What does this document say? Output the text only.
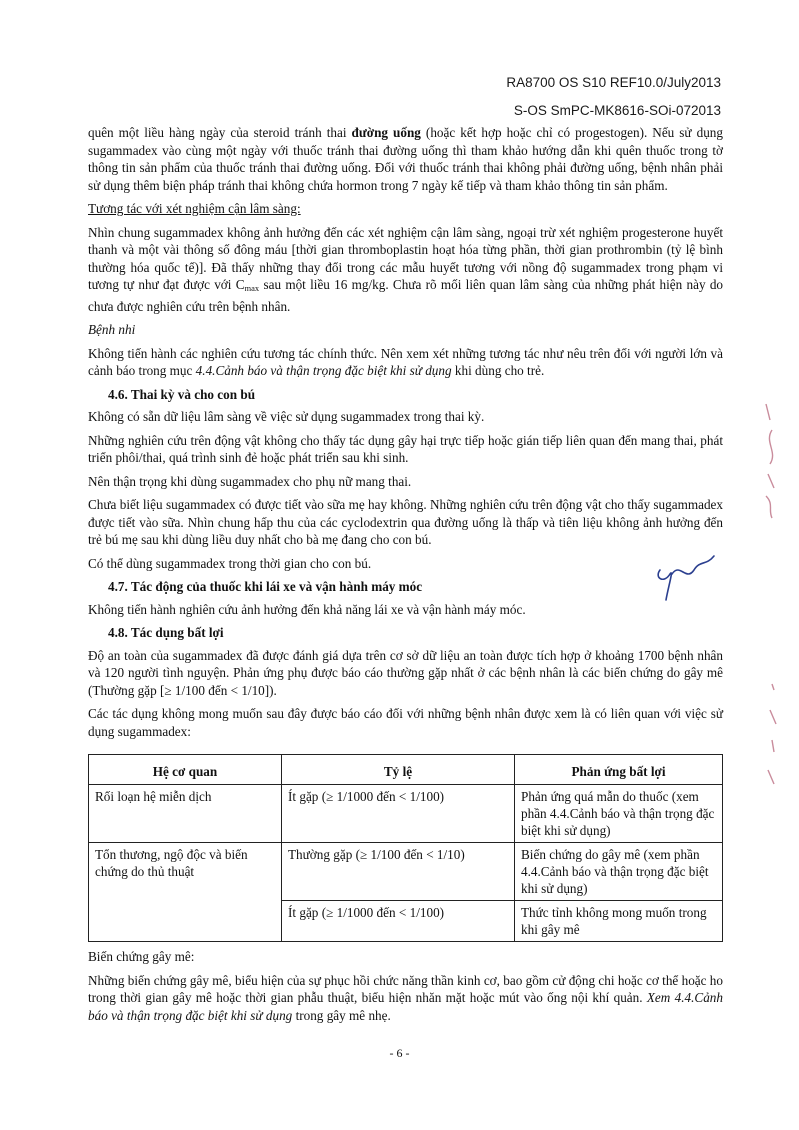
RA8700 OS S10 REF10.0/July2013
S-OS SmPC-MK8616-SOi-072013

quên một liều hàng ngày của steroid tránh thai đường uống (hoặc kết hợp hoặc chỉ có progestogen). Nếu sử dụng sugammadex vào cùng một ngày với thuốc tránh thai đường uống thì tham khảo hướng dẫn khi quên thuốc trong tờ thông tin sản phẩm của thuốc tránh thai đường uống. Đối với thuốc tránh thai không phải đường uống, bệnh nhân phải sử dụng thêm biện pháp tránh thai không chứa hormon trong 7 ngày kế tiếp và tham khảo thông tin sản phẩm.

Tương tác với xét nghiệm cận lâm sàng:

Nhìn chung sugammadex không ảnh hưởng đến các xét nghiệm cận lâm sàng, ngoại trừ xét nghiệm progesterone huyết thanh và một vài thông số đông máu [thời gian thromboplastin hoạt hóa từng phần, thời gian prothrombin (tỷ lệ bình thường hóa quốc tế)]. Đã thấy những thay đổi trong các mẫu huyết tương với nồng độ sugammadex trong phạm vi tương tự như đạt được với $C_{max}$ sau một liều 16 mg/kg. Chưa rõ mối liên quan lâm sàng của những phát hiện này do chưa được nghiên cứu trên bệnh nhân.

Bệnh nhi

Không tiến hành các nghiên cứu tương tác chính thức. Nên xem xét những tương tác như nêu trên đối với người lớn và cảnh báo trong mục 4.4.Cảnh báo và thận trọng đặc biệt khi sử dụng khi dùng cho trẻ.

4.6. Thai kỳ và cho con bú

Không có sẵn dữ liệu lâm sàng về việc sử dụng sugammadex trong thai kỳ.

Những nghiên cứu trên động vật không cho thấy tác dụng gây hại trực tiếp hoặc gián tiếp liên quan đến mang thai, phát triển phôi/thai, quá trình sinh đẻ hoặc phát triển sau khi sinh.

Nên thận trọng khi dùng sugammadex cho phụ nữ mang thai.

Chưa biết liệu sugammadex có được tiết vào sữa mẹ hay không. Những nghiên cứu trên động vật cho thấy sugammadex được tiết vào sữa. Nhìn chung hấp thu của các cyclodextrin qua đường uống là thấp và tiên liệu không ảnh hưởng đến trẻ bú mẹ sau khi dùng liều duy nhất cho bà mẹ đang cho con bú.

Có thể dùng sugammadex trong thời gian cho con bú.

4.7. Tác động của thuốc khi lái xe và vận hành máy móc

Không tiến hành nghiên cứu ảnh hưởng đến khả năng lái xe và vận hành máy móc.

4.8. Tác dụng bất lợi

Độ an toàn của sugammadex đã được đánh giá dựa trên cơ sở dữ liệu an toàn được tích hợp ở khoảng 1700 bệnh nhân và 120 người tình nguyện. Phản ứng phụ được báo cáo thường gặp nhất ở các bệnh nhân là các biến chứng do gây mê (Thường gặp [≥ 1/100 đến < 1/10]).

Các tác dụng không mong muốn sau đây được báo cáo đối với những bệnh nhân được xem là có liên quan với việc sử dụng sugammadex:

Hệ cơ quan	Tỷ lệ	Phản ứng bất lợi
Rối loạn hệ miễn dịch	Ít gặp (≥ 1/1000 đến < 1/100)	Phản ứng quá mẫn do thuốc (xem phần 4.4.Cảnh báo và thận trọng đặc biệt khi sử dụng)
Tổn thương, ngộ độc và biến chứng do thủ thuật	Thường gặp (≥ 1/100 đến < 1/10)	Biến chứng do gây mê (xem phần 4.4.Cảnh báo và thận trọng đặc biệt khi sử dụng)
	Ít gặp (≥ 1/1000 đến < 1/100)	Thức tỉnh không mong muốn trong khi gây mê

Biến chứng gây mê:

Những biến chứng gây mê, biểu hiện của sự phục hồi chức năng thần kinh cơ, bao gồm cử động chi hoặc cơ thể hoặc ho trong thời gian gây mê hoặc thời gian phẫu thuật, biểu hiện nhăn mặt hoặc mút vào ống nội khí quản. Xem 4.4.Cảnh báo và thận trọng đặc biệt khi sử dụng trong gây mê nhẹ.

- 6 -
